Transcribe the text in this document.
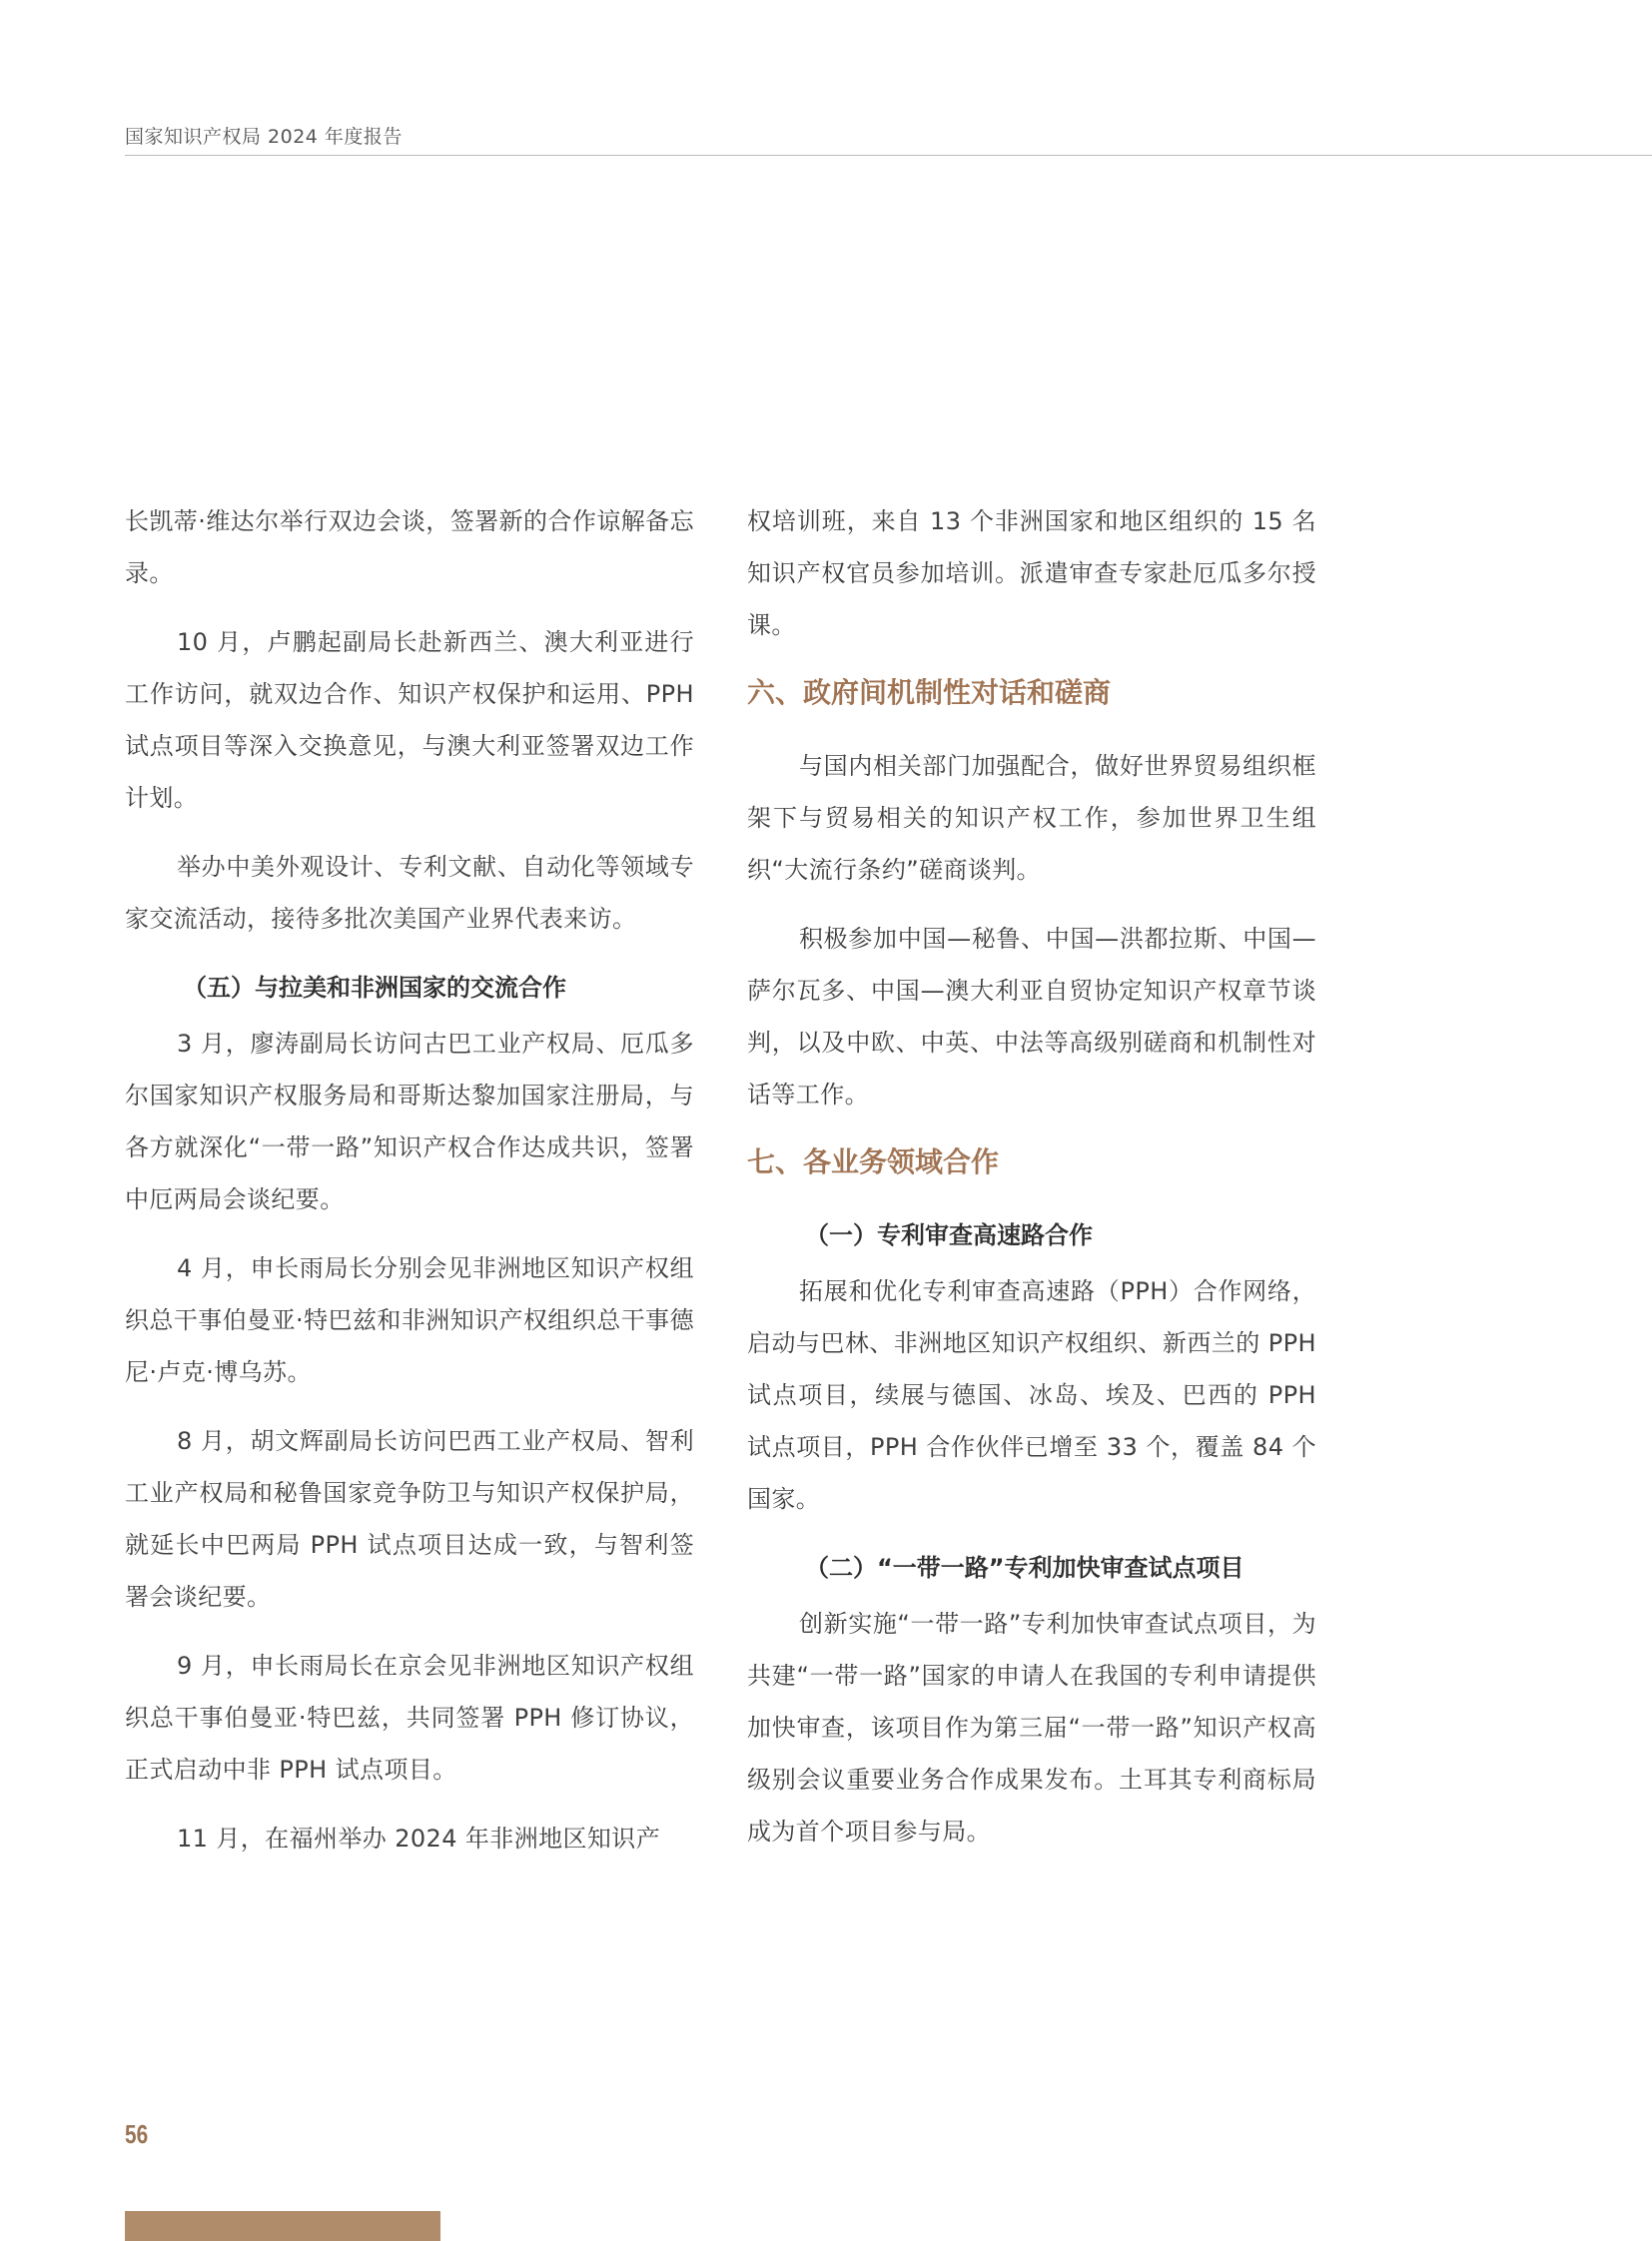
国家知识产权局 2024 年度报告

长凯蒂·维达尔举行双边会谈，签署新的合作谅解备忘录。

10 月，卢鹏起副局长赴新西兰、澳大利亚进行工作访问，就双边合作、知识产权保护和运用、PPH 试点项目等深入交换意见，与澳大利亚签署双边工作计划。

举办中美外观设计、专利文献、自动化等领域专家交流活动，接待多批次美国产业界代表来访。

（五）与拉美和非洲国家的交流合作

3 月，廖涛副局长访问古巴工业产权局、厄瓜多尔国家知识产权服务局和哥斯达黎加国家注册局，与各方就深化“一带一路”知识产权合作达成共识，签署中厄两局会谈纪要。

4 月，申长雨局长分别会见非洲地区知识产权组织总干事伯曼亚·特巴兹和非洲知识产权组织总干事德尼·卢克·博乌苏。

8 月，胡文辉副局长访问巴西工业产权局、智利工业产权局和秘鲁国家竞争防卫与知识产权保护局，就延长中巴两局 PPH 试点项目达成一致，与智利签署会谈纪要。

9 月，申长雨局长在京会见非洲地区知识产权组织总干事伯曼亚·特巴兹，共同签署 PPH 修订协议，正式启动中非 PPH 试点项目。

11 月，在福州举办 2024 年非洲地区知识产

权培训班，来自 13 个非洲国家和地区组织的 15 名知识产权官员参加培训。派遣审查专家赴厄瓜多尔授课。

六、政府间机制性对话和磋商

与国内相关部门加强配合，做好世界贸易组织框架下与贸易相关的知识产权工作，参加世界卫生组织“大流行条约”磋商谈判。

积极参加中国—秘鲁、中国—洪都拉斯、中国—萨尔瓦多、中国—澳大利亚自贸协定知识产权章节谈判，以及中欧、中英、中法等高级别磋商和机制性对话等工作。

七、各业务领域合作
（一）专利审查高速路合作

拓展和优化专利审查高速路（PPH）合作网络，启动与巴林、非洲地区知识产权组织、新西兰的 PPH 试点项目，续展与德国、冰岛、埃及、巴西的 PPH 试点项目，PPH 合作伙伴已增至 33 个，覆盖 84 个国家。

（二）“一带一路”专利加快审查试点项目

创新实施“一带一路”专利加快审查试点项目，为共建“一带一路”国家的申请人在我国的专利申请提供加快审查，该项目作为第三届“一带一路”知识产权高级别会议重要业务合作成果发布。土耳其专利商标局成为首个项目参与局。

56
